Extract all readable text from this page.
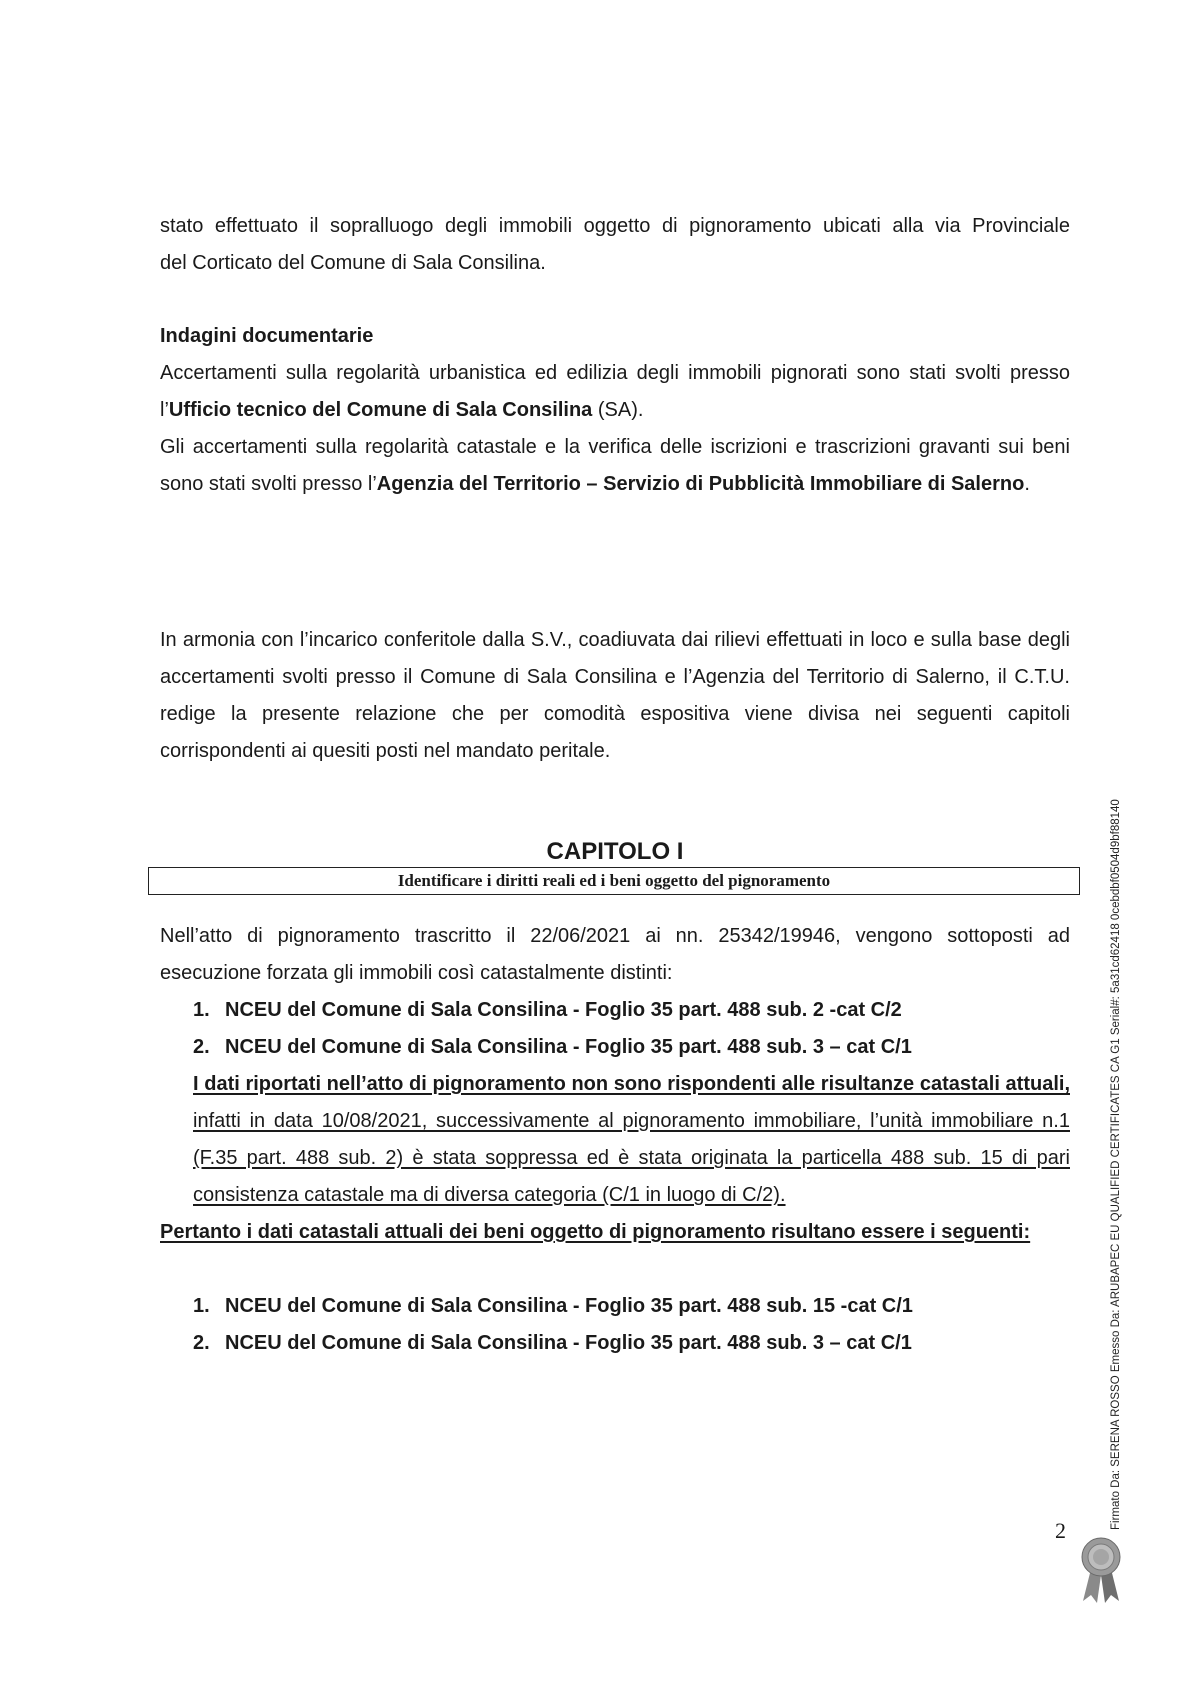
stato effettuato il sopralluogo degli immobili oggetto di pignoramento ubicati alla via Provinciale
del Corticato del Comune di Sala Consilina.

Indagini documentarie

Accertamenti sulla regolarità urbanistica ed edilizia degli immobili pignorati sono stati svolti presso l’Ufficio tecnico del Comune di Sala Consilina (SA).

Gli accertamenti sulla regolarità catastale e la verifica delle iscrizioni e trascrizioni gravanti sui beni sono stati svolti presso l’Agenzia del Territorio – Servizio di Pubblicità Immobiliare di Salerno.

In armonia con l’incarico conferitole dalla S.V., coadiuvata dai rilievi effettuati in loco e sulla base degli accertamenti svolti presso il Comune di Sala Consilina e l’Agenzia del Territorio di Salerno, il C.T.U. redige la presente relazione che per comodità espositiva viene divisa nei seguenti capitoli corrispondenti ai quesiti posti nel mandato peritale.

CAPITOLO I
Identificare i diritti reali ed i beni oggetto del pignoramento

Nell’atto di pignoramento trascritto il 22/06/2021 ai nn. 25342/19946, vengono sottoposti ad esecuzione forzata gli immobili così catastalmente distinti:

1. NCEU del Comune di Sala Consilina - Foglio 35 part. 488 sub. 2 -cat C/2
2. NCEU del Comune di Sala Consilina - Foglio 35 part. 488 sub. 3 – cat C/1

I dati riportati nell’atto di pignoramento non sono rispondenti alle risultanze catastali attuali, infatti in data 10/08/2021, successivamente al pignoramento immobiliare, l’unità immobiliare n.1 (F.35 part. 488 sub. 2) è stata soppressa ed è stata originata la particella 488 sub. 15 di pari consistenza catastale ma di diversa categoria (C/1 in luogo di C/2).

Pertanto i dati catastali attuali dei beni oggetto di pignoramento risultano essere i seguenti:

1. NCEU del Comune di Sala Consilina - Foglio 35 part. 488 sub. 15 -cat C/1
2. NCEU del Comune di Sala Consilina - Foglio 35 part. 488 sub. 3 – cat C/1
2
Firmato Da: SERENA ROSSO Emesso Da: ARUBAPEC EU QUALIFIED CERTIFICATES CA G1 Serial#: 5a31cd62418 0cebdbf0504d9bf88140
